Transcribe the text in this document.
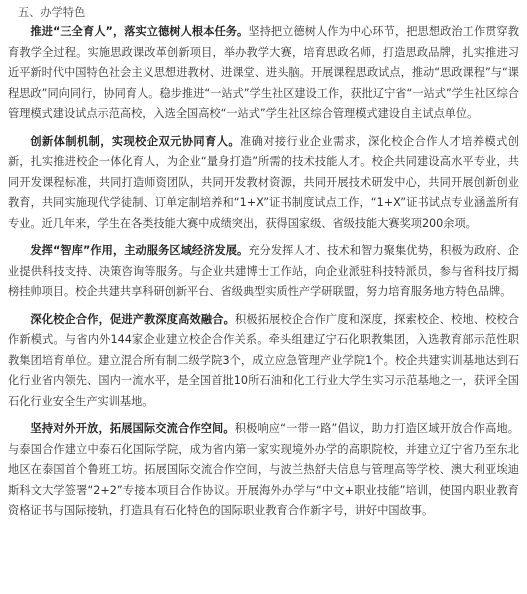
五、办学特色

推进“三全育人”，落实立德树人根本任务。坚持把立德树人作为中心环节，把思想政治工作贯穿教育教学全过程。实施思政课改革创新项目，举办教学大赛，培育思政名师，打造思政品牌，扎实推进习近平新时代中国特色社会主义思想进教材、进课堂、进头脑。开展课程思政试点，推动“思政课程”与“课程思政”同向同行，协同育人。稳步推进“一站式”学生社区建设工作，获批辽宁省“一站式”学生社区综合管理模式建设试点示范高校，入选全国高校“一站式”学生社区综合管理模式建设自主试点单位。

创新体制机制，实现校企双元协同育人。准确对接行业企业需求，深化校企合作人才培养模式创新，扎实推进校企一体化育人，为企业“量身打造”所需的技术技能人才。校企共同建设高水平专业，共同开发课程标准，共同打造师资团队，共同开发教材资源，共同开展技术研发中心，共同开展创新创业教育，共同实施现代学徒制、订单定制培养和“1+X”证书制度试点工作，“1+X”证书试点专业涵盖所有专业。近几年来，学生在各类技能大赛中成绩突出，获得国家级、省级技能大赛奖项200余项。

发挥“智库”作用，主动服务区域经济发展。充分发挥人才、技术和智力聚集优势，积极为政府、企业提供科技支持、决策咨询等服务。与企业共建博士工作站，向企业派驻科技特派员，参与省科技厅揭榜挂帅项目。校企共建共享科研创新平台、省级典型实质性产学研联盟，努力培育服务地方特色品牌。

深化校企合作，促进产教深度高效融合。积极拓展校企合作广度和深度，探索校企、校地、校校合作新模式。与省内外144家企业建立校企合作关系。牵头组建辽宁石化职教集团，入选教育部示范性职教集团培育单位。建立混合所有制二级学院3个，成立应急管理产业学院1个。校企共建实训基地达到石化行业省内领先、国内一流水平，是全国首批10所石油和化工行业大学生实习示范基地之一，获评全国石化行业安全生产实训基地。

坚持对外开放，拓展国际交流合作空间。积极响应“一带一路”倡议，助力打造区域开放合作高地。与泰国合作建立中泰石化国际学院，成为省内第一家实现境外办学的高职院校，并建立辽宁省乃至东北地区在泰国首个鲁班工坊。拓展国际交流合作空间，与波兰热舒夫信息与管理高等学校、澳大利亚埃迪斯科文大学签署“2+2”专接本项目合作协议。开展海外办学与“中文+职业技能”培训，使国内职业教育资格证书与国际接轨，打造具有石化特色的国际职业教育合作新字号，讲好中国故事。
